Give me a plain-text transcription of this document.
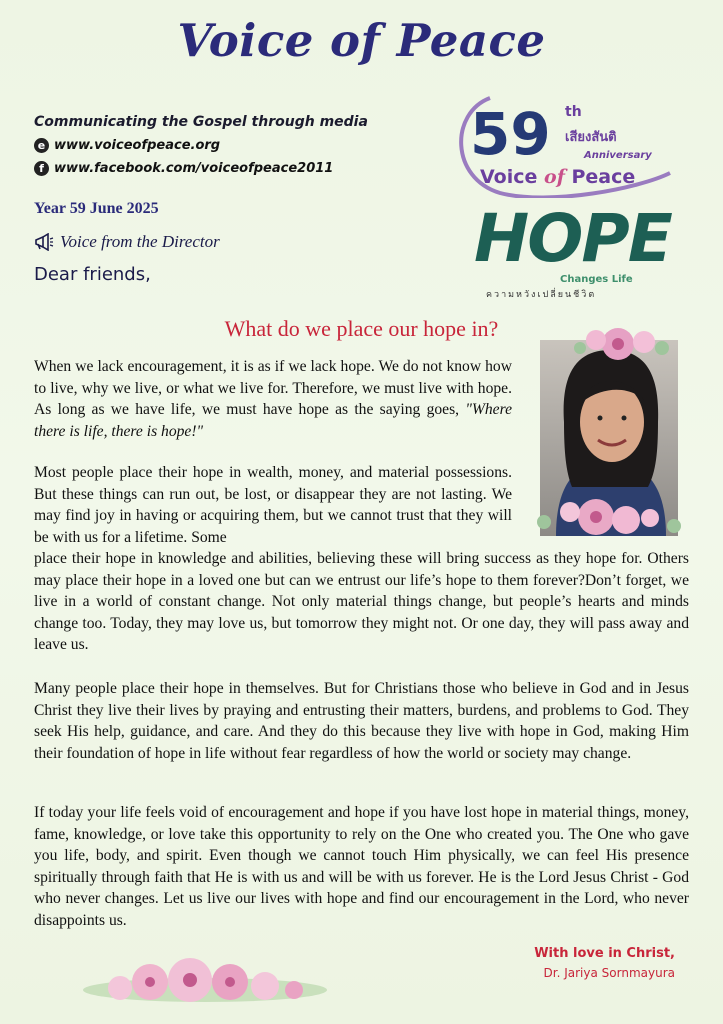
Voice of Peace
Communicating the Gospel through media
e www.voiceofpeace.org
f www.facebook.com/voiceofpeace2011
Year 59 June 2025
Voice from the Director
Dear friends,
59 th
เสียงสันติ
Anniversary
Voice of Peace
HOPE
Changes Life
ความหวังเปลี่ยนชีวิต
What do we place our hope in?

When we lack encouragement, it is as if we lack hope. We do not know how to live, why we live, or what we live for. Therefore, we must live with hope. As long as we have life, we must have hope as the saying goes, "Where there is life, there is hope!"

Most people place their hope in wealth, money, and material possessions. But these things can run out, be lost, or disappear they are not lasting. We may find joy in having or acquiring them, but we cannot trust that they will be with us for a lifetime. Some

place their hope in knowledge and abilities, believing these will bring success as they hope for. Others may place their hope in a loved one but can we entrust our life’s hope to them forever?Don’t forget, we live in a world of constant change. Not only material things change, but people’s hearts and minds change too. Today, they may love us, but tomorrow they might not. Or one day, they will pass away and leave us.

Many people place their hope in themselves. But for Christians those who believe in God and in Jesus Christ they live their lives by praying and entrusting their matters, burdens, and problems to God. They seek His help, guidance, and care. And they do this because they live with hope in God, making Him their foundation of hope in life without fear regardless of how the world or society may change.

If today your life feels void of encouragement and hope if you have lost hope in material things, money, fame, knowledge, or love take this opportunity to rely on the One who created you. The One who gave you life, body, and spirit. Even though we cannot touch Him physically, we can feel His presence spiritually through faith that He is with us and will be with us forever. He is the Lord Jesus Christ - God who never changes. Let us live our lives with hope and find our encouragement in the Lord, who never disappoints us.

With love in Christ,
Dr. Jariya Sornmayura
